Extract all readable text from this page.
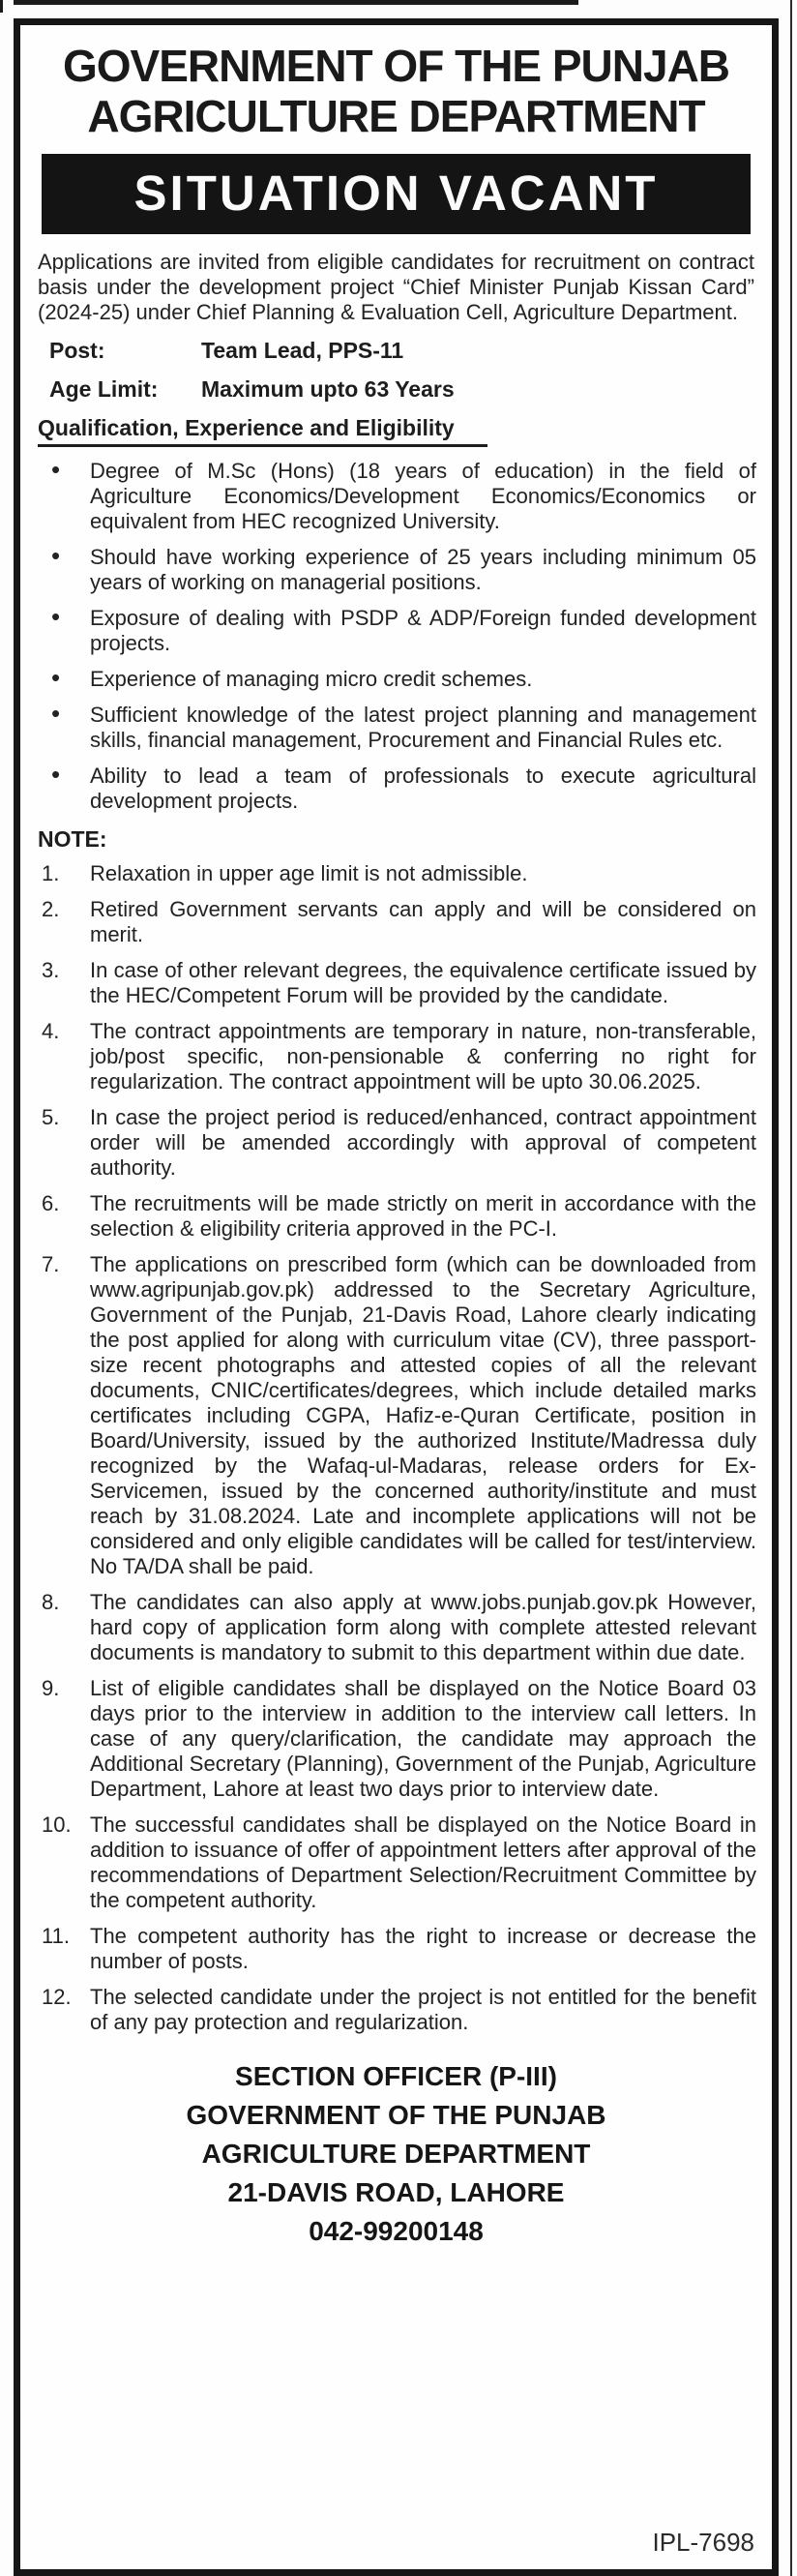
GOVERNMENT OF THE PUNJAB
AGRICULTURE DEPARTMENT
SITUATION VACANT

Applications are invited from eligible candidates for recruitment on contract basis under the development project “Chief Minister Punjab Kissan Card” (2024-25) under Chief Planning & Evaluation Cell, Agriculture Department.

Post:	Team Lead, PPS-11
Age Limit:	Maximum upto 63 Years
Qualification, Experience and Eligibility
• Degree of M.Sc (Hons) (18 years of education) in the field of Agriculture Economics/Development Economics/Economics or equivalent from HEC recognized University.
• Should have working experience of 25 years including minimum 05 years of working on managerial positions.
• Exposure of dealing with PSDP & ADP/Foreign funded development projects.
• Experience of managing micro credit schemes.
• Sufficient knowledge of the latest project planning and management skills, financial management, Procurement and Financial Rules etc.
• Ability to lead a team of professionals to execute agricultural development projects.
NOTE:
1. Relaxation in upper age limit is not admissible.
2. Retired Government servants can apply and will be considered on merit.
3. In case of other relevant degrees, the equivalence certificate issued by the HEC/Competent Forum will be provided by the candidate.
4. The contract appointments are temporary in nature, non-transferable, job/post specific, non-pensionable & conferring no right for regularization. The contract appointment will be upto 30.06.2025.
5. In case the project period is reduced/enhanced, contract appointment order will be amended accordingly with approval of competent authority.
6. The recruitments will be made strictly on merit in accordance with the selection & eligibility criteria approved in the PC-I.
7. The applications on prescribed form (which can be downloaded from www.agripunjab.gov.pk) addressed to the Secretary Agriculture, Government of the Punjab, 21-Davis Road, Lahore clearly indicating the post applied for along with curriculum vitae (CV), three passport-size recent photographs and attested copies of all the relevant documents, CNIC/certificates/degrees, which include detailed marks certificates including CGPA, Hafiz-e-Quran Certificate, position in Board/University, issued by the authorized Institute/Madressa duly recognized by the Wafaq-ul-Madaras, release orders for Ex-Servicemen, issued by the concerned authority/institute and must reach by 31.08.2024. Late and incomplete applications will not be considered and only eligible candidates will be called for test/interview. No TA/DA shall be paid.
8. The candidates can also apply at www.jobs.punjab.gov.pk However, hard copy of application form along with complete attested relevant documents is mandatory to submit to this department within due date.
9. List of eligible candidates shall be displayed on the Notice Board 03 days prior to the interview in addition to the interview call letters. In case of any query/clarification, the candidate may approach the Additional Secretary (Planning), Government of the Punjab, Agriculture Department, Lahore at least two days prior to interview date.
10. The successful candidates shall be displayed on the Notice Board in addition to issuance of offer of appointment letters after approval of the recommendations of Department Selection/Recruitment Committee by the competent authority.
11. The competent authority has the right to increase or decrease the number of posts.
12. The selected candidate under the project is not entitled for the benefit of any pay protection and regularization.
SECTION OFFICER (P-III)
GOVERNMENT OF THE PUNJAB
AGRICULTURE DEPARTMENT
21-DAVIS ROAD, LAHORE
042-99200148
IPL-7698
